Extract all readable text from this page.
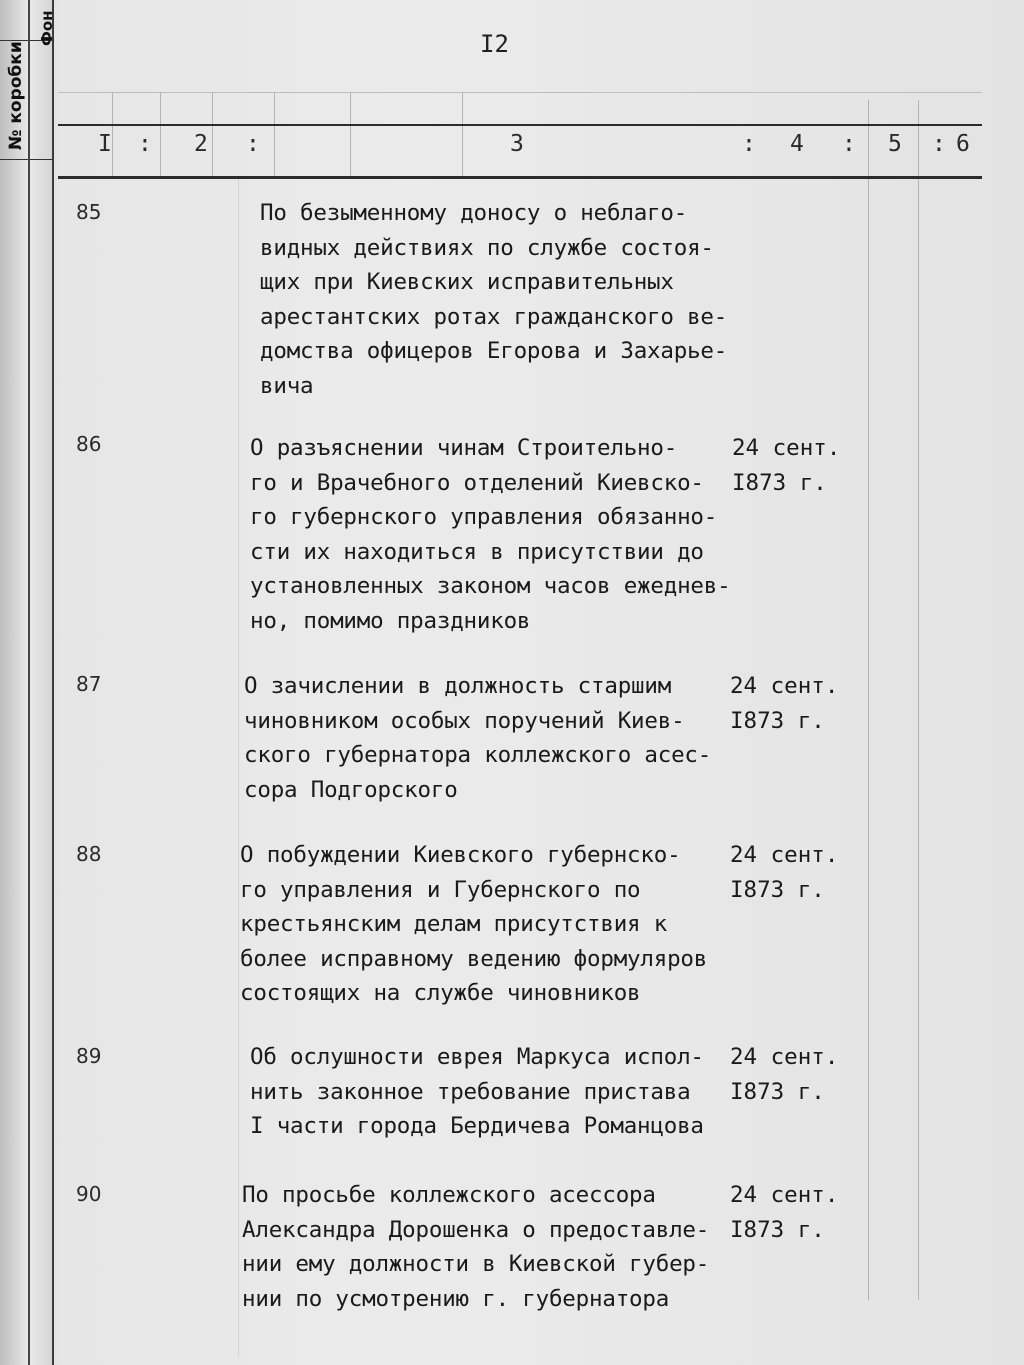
№ коробки
Фон	I2
I : 2 :	3	: 4 : 5 : 6
85	По безыменному доносу о неблаго-
видных действиях по службе состоя-
щих при Киевских исправительных
арестантских ротах гражданского ве-
домства офицеров Егорова и Захарье-
вича
86	О разъяснении чинам Строительно-
го и Врачебного отделений Киевско-
го губернского управления обязанно-
сти их находиться в присутствии до
установленных законом часов ежеднев-
но, помимо праздников
24 сент.
I873 г.
87	О зачислении в должность старшим
чиновником особых поручений Киев-
ского губернатора коллежского асес-
сора Подгорского
24 сент.
I873 г.
88	О побуждении Киевского губернско-
го управления и Губернского по
крестьянским делам присутствия к
более исправному ведению формуляров
состоящих на службе чиновников
24 сент.
I873 г.
89	Об ослушности еврея Маркуса испол-
нить законное требование пристава
I части города Бердичева Романцова
24 сент.
I873 г.
90	По просьбе коллежского асессора
Александра Дорошенка о предоставле-
нии ему должности в Киевской губер-
нии по усмотрению г. губернатора
24 сент.
I873 г.
